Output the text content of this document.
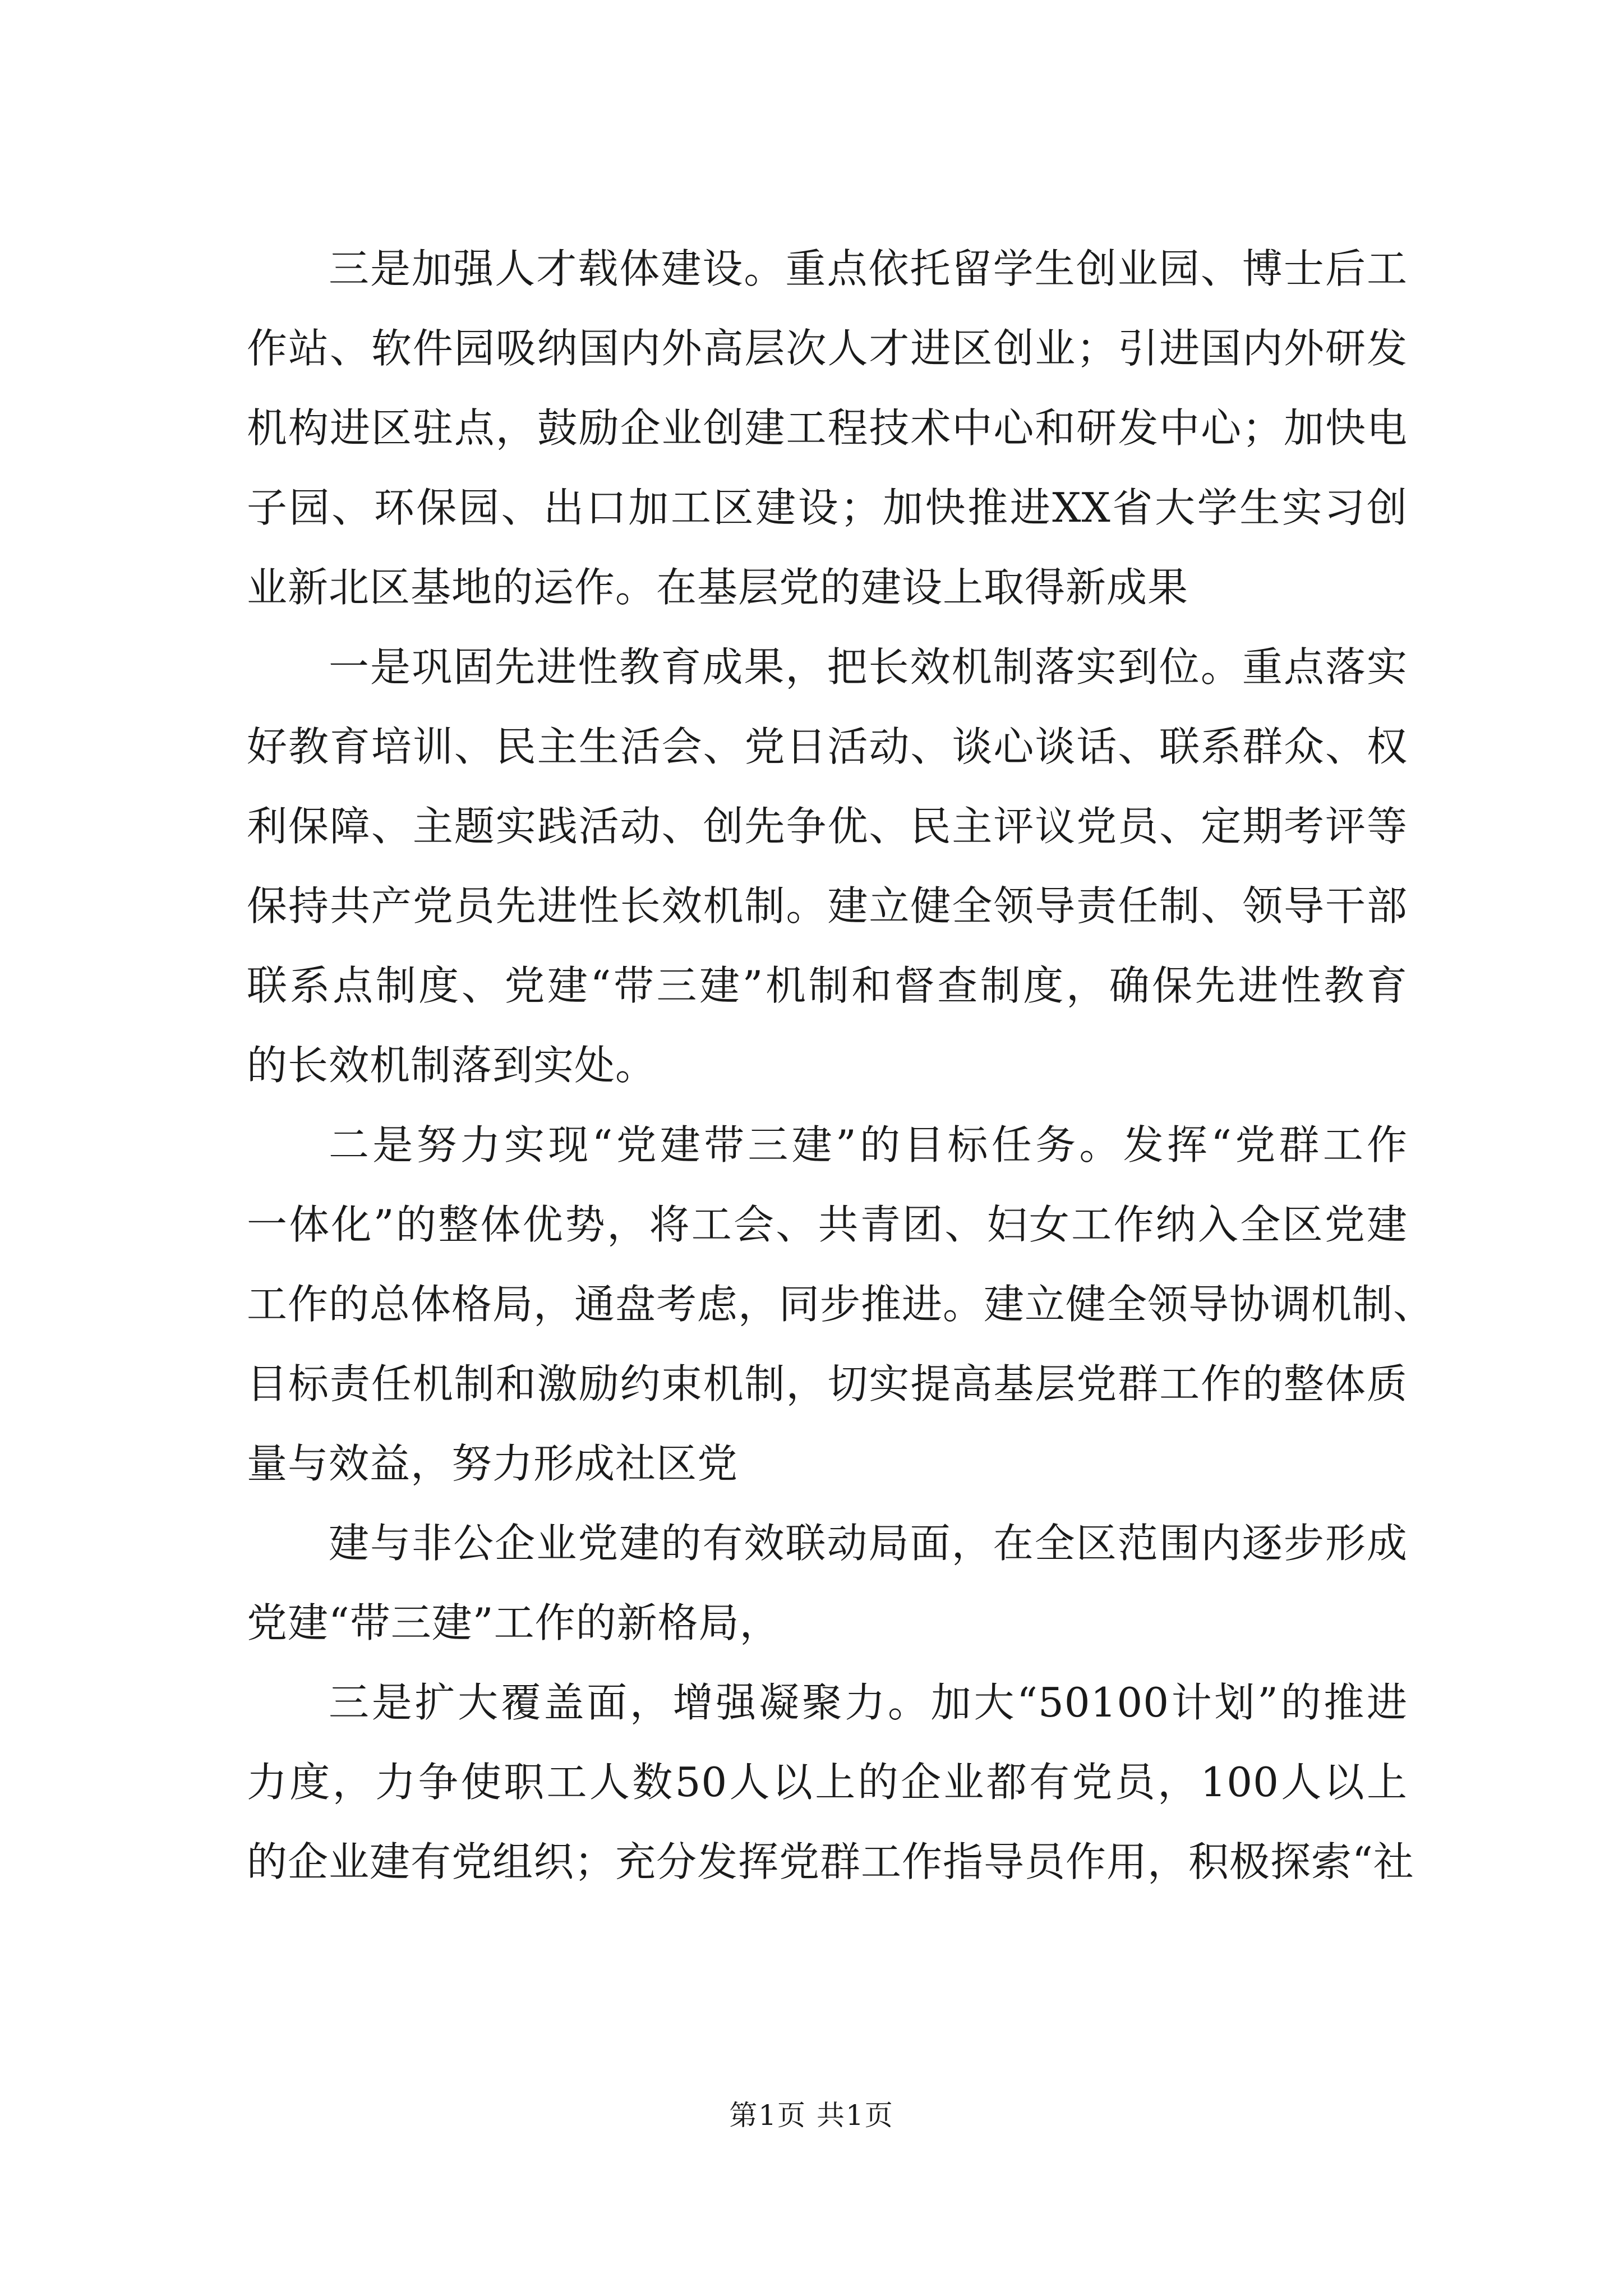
三是加强人才载体建设。重点依托留学生创业园、博士后工
作站、软件园吸纳国内外高层次人才进区创业；引进国内外研发
机构进区驻点，鼓励企业创建工程技术中心和研发中心；加快电
子园、环保园、出口加工区建设；加快推进XX省大学生实习创
业新北区基地的运作。在基层党的建设上取得新成果
一是巩固先进性教育成果，把长效机制落实到位。重点落实
好教育培训、民主生活会、党日活动、谈心谈话、联系群众、权
利保障、主题实践活动、创先争优、民主评议党员、定期考评等
保持共产党员先进性长效机制。建立健全领导责任制、领导干部
联系点制度、党建“带三建”机制和督查制度，确保先进性教育
的长效机制落到实处。
二是努力实现“党建带三建”的目标任务。发挥“党群工作
一体化”的整体优势，将工会、共青团、妇女工作纳入全区党建
工作的总体格局，通盘考虑，同步推进。建立健全领导协调机制、
目标责任机制和激励约束机制，切实提高基层党群工作的整体质
量与效益，努力形成社区党
建与非公企业党建的有效联动局面，在全区范围内逐步形成
党建“带三建”工作的新格局，
三是扩大覆盖面，增强凝聚力。加大“50100计划”的推进
力度，力争使职工人数50人以上的企业都有党员，100人以上
的企业建有党组织；充分发挥党群工作指导员作用，积极探索“社
第1页 共1页
